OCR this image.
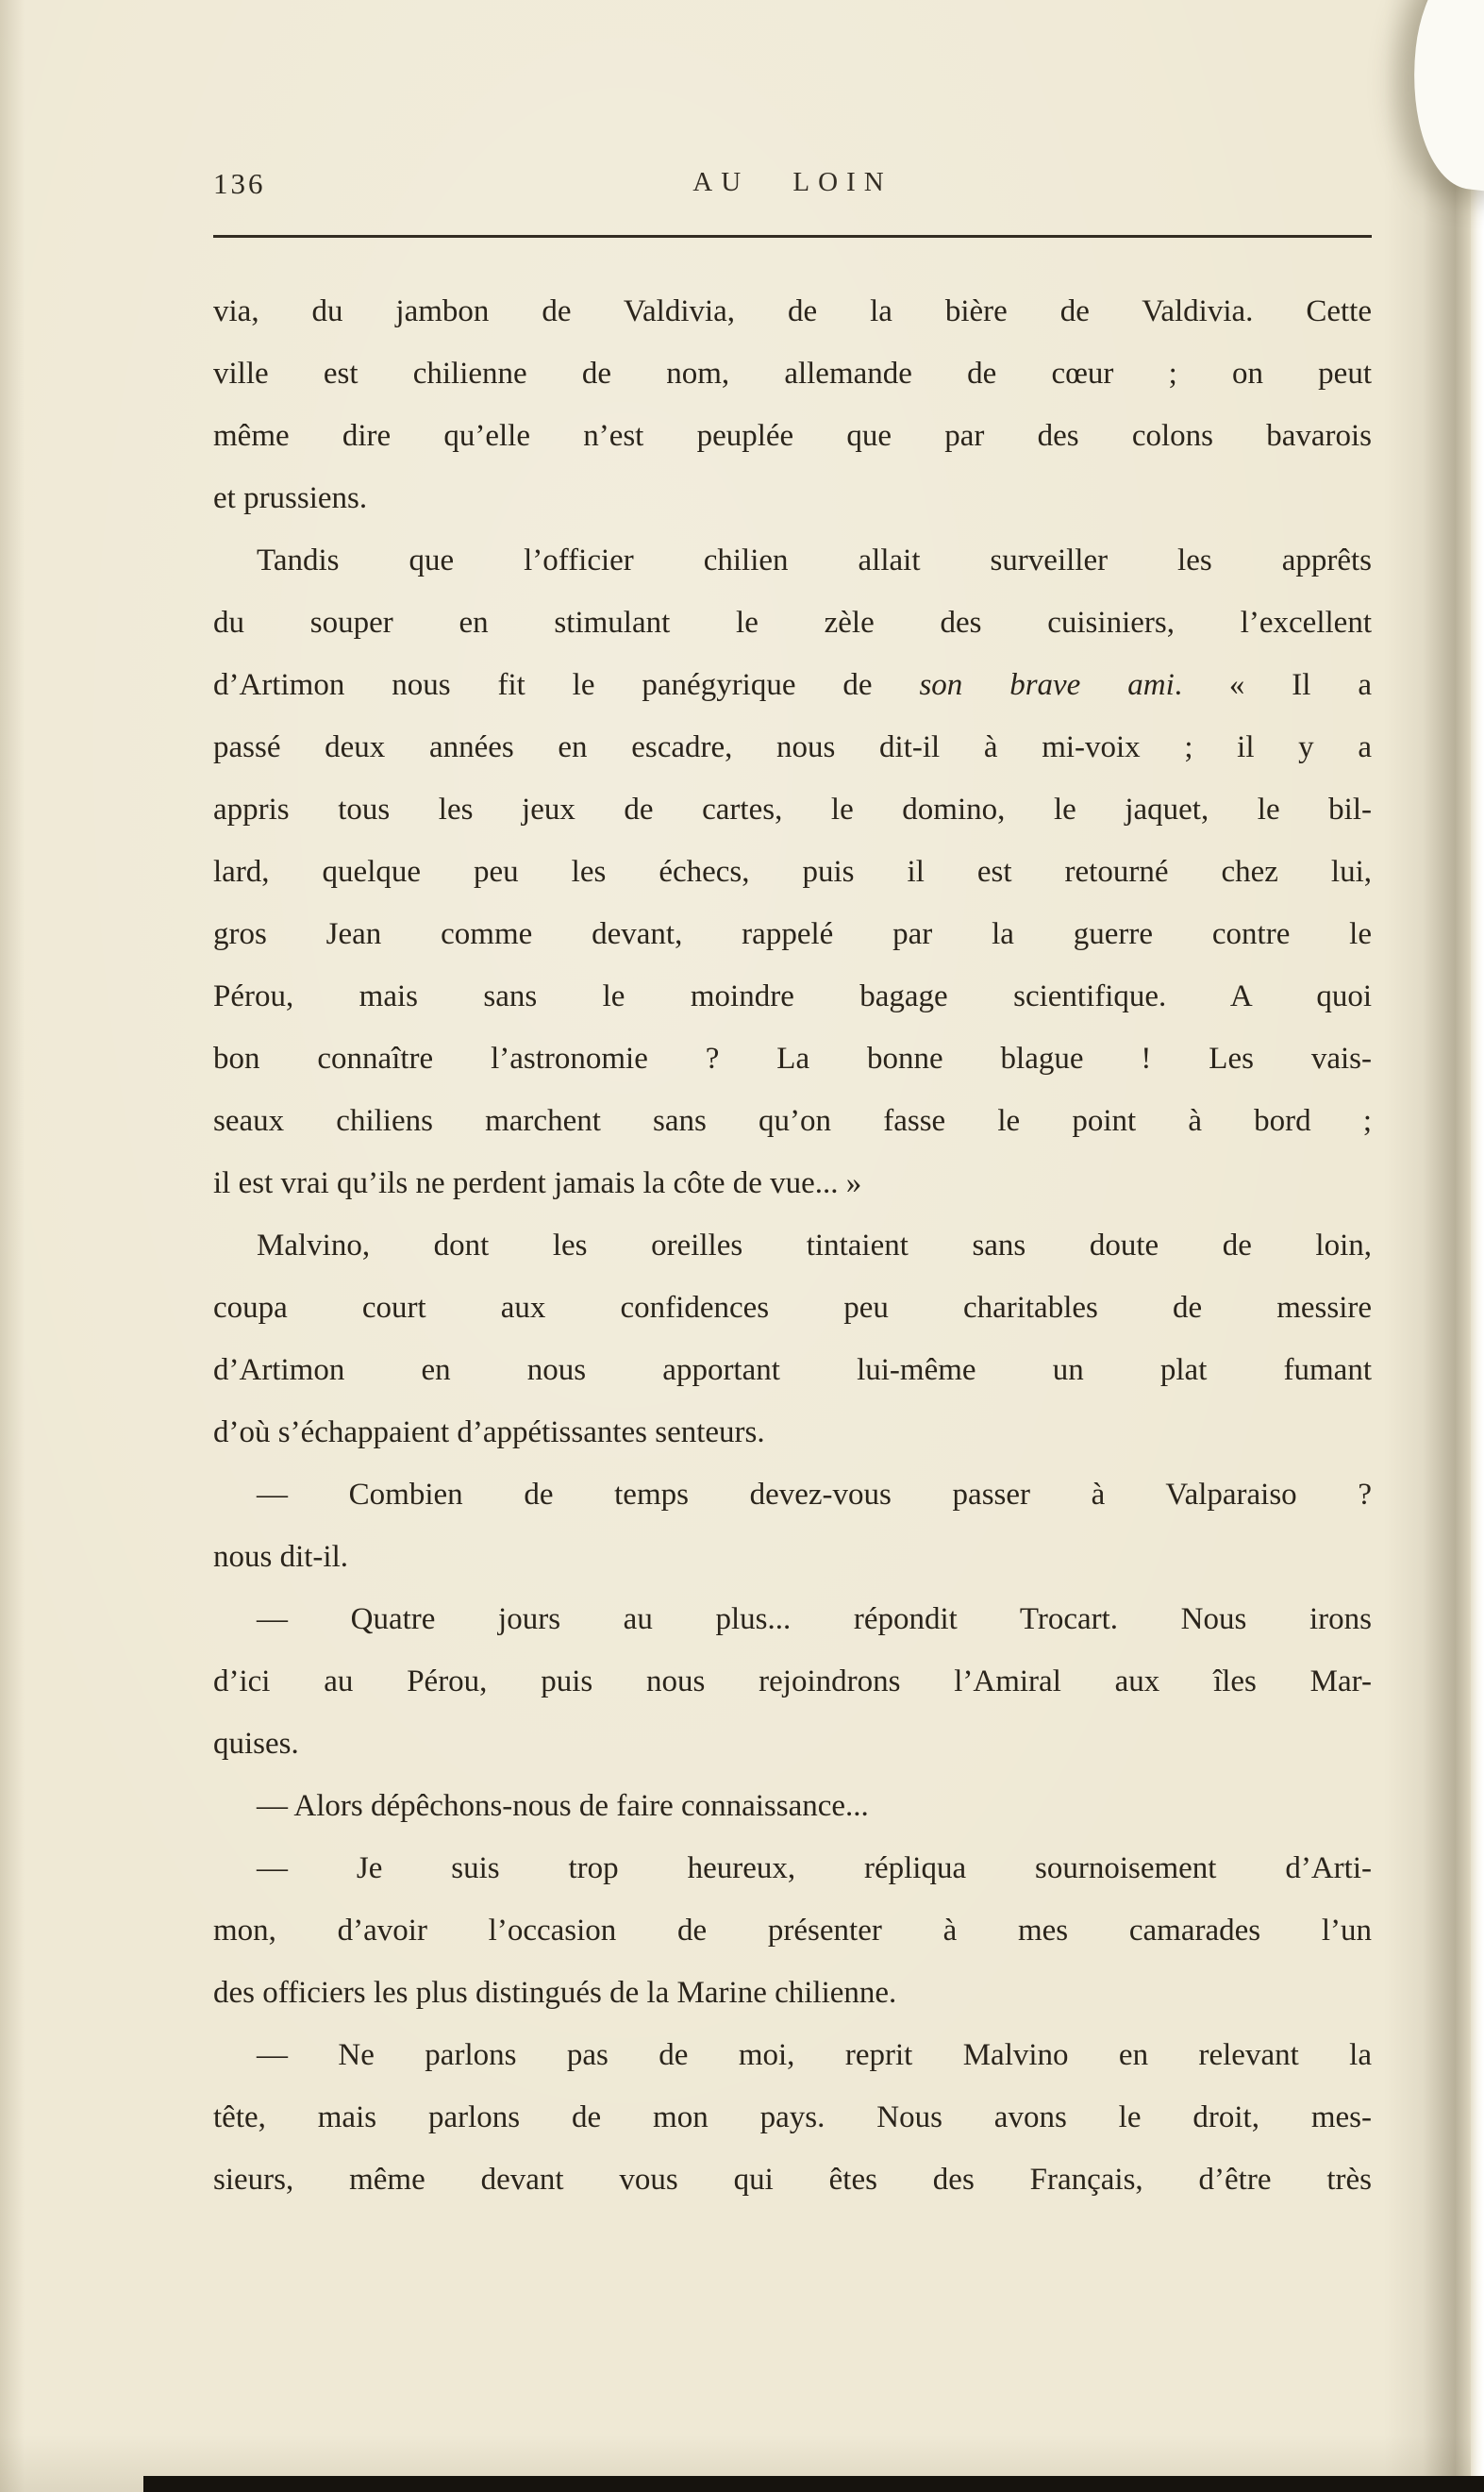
136	AU LOIN

via, du jambon de Valdivia, de la bière de Valdivia. Cette
ville est chilienne de nom, allemande de cœur ; on peut
même dire qu’elle n’est peuplée que par des colons bavarois
et prussiens.

Tandis que l’officier chilien allait surveiller les apprêts
du souper en stimulant le zèle des cuisiniers, l’excellent
d’Artimon nous fit le panégyrique de son brave ami. « Il a
passé deux années en escadre, nous dit-il à mi-voix ; il y a
appris tous les jeux de cartes, le domino, le jaquet, le bil-
lard, quelque peu les échecs, puis il est retourné chez lui,
gros Jean comme devant, rappelé par la guerre contre le
Pérou, mais sans le moindre bagage scientifique. A quoi
bon connaître l’astronomie ? La bonne blague ! Les vais-
seaux chiliens marchent sans qu’on fasse le point à bord ;
il est vrai qu’ils ne perdent jamais la côte de vue... »

Malvino, dont les oreilles tintaient sans doute de loin,
coupa court aux confidences peu charitables de messire
d’Artimon en nous apportant lui-même un plat fumant
d’où s’échappaient d’appétissantes senteurs.

— Combien de temps devez-vous passer à Valparaiso ?
nous dit-il.

— Quatre jours au plus... répondit Trocart. Nous irons
d’ici au Pérou, puis nous rejoindrons l’Amiral aux îles Mar-
quises.

— Alors dépêchons-nous de faire connaissance...

— Je suis trop heureux, répliqua sournoisement d’Arti-
mon, d’avoir l’occasion de présenter à mes camarades l’un
des officiers les plus distingués de la Marine chilienne.

— Ne parlons pas de moi, reprit Malvino en relevant la
tête, mais parlons de mon pays. Nous avons le droit, mes-
sieurs, même devant vous qui êtes des Français, d’être très
